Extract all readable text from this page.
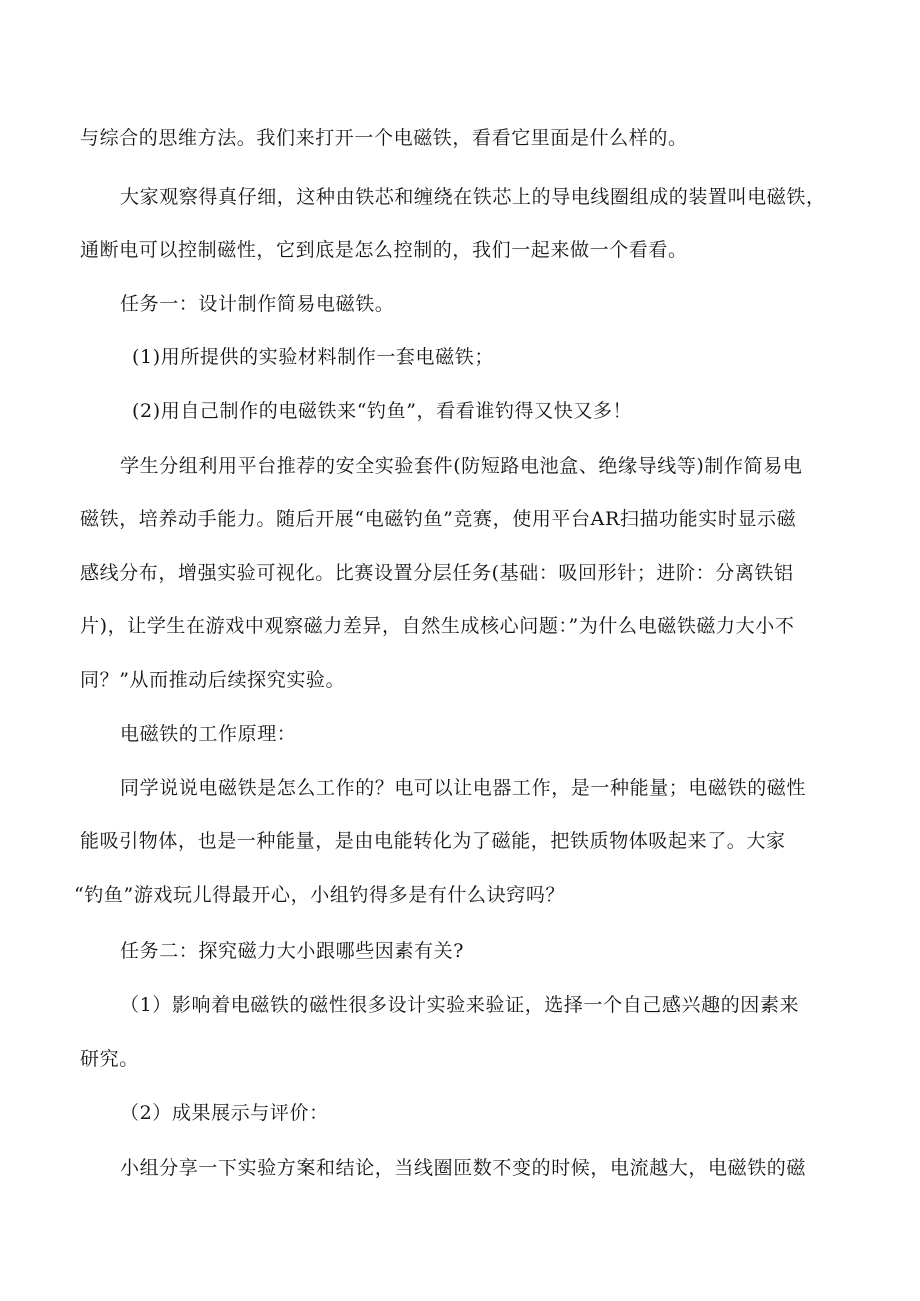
与综合的思维方法。我们来打开一个电磁铁，看看它里面是什么样的。
大家观察得真仔细，这种由铁芯和缠绕在铁芯上的导电线圈组成的装置叫电磁铁，
通断电可以控制磁性，它到底是怎么控制的，我们一起来做一个看看。
任务一：设计制作简易电磁铁。
(1)用所提供的实验材料制作一套电磁铁；
(2)用自己制作的电磁铁来“钓鱼”，看看谁钓得又快又多！
学生分组利用平台推荐的安全实验套件(防短路电池盒、绝缘导线等)制作简易电
磁铁，培养动手能力。随后开展“电磁钓鱼”竞赛，使用平台AR扫描功能实时显示磁
感线分布，增强实验可视化。比赛设置分层任务(基础：吸回形针；进阶：分离铁铝
片)，让学生在游戏中观察磁力差异，自然生成核心问题：”为什么电磁铁磁力大小不
同？”从而推动后续探究实验。
电磁铁的工作原理：
同学说说电磁铁是怎么工作的？电可以让电器工作，是一种能量；电磁铁的磁性
能吸引物体，也是一种能量，是由电能转化为了磁能，把铁质物体吸起来了。大家
“钓鱼”游戏玩儿得最开心，小组钓得多是有什么诀窍吗？
任务二：探究磁力大小跟哪些因素有关?
（1）影响着电磁铁的磁性很多设计实验来验证，选择一个自己感兴趣的因素来
研究。
（2）成果展示与评价：
小组分享一下实验方案和结论，当线圈匝数不变的时候，电流越大，电磁铁的磁
